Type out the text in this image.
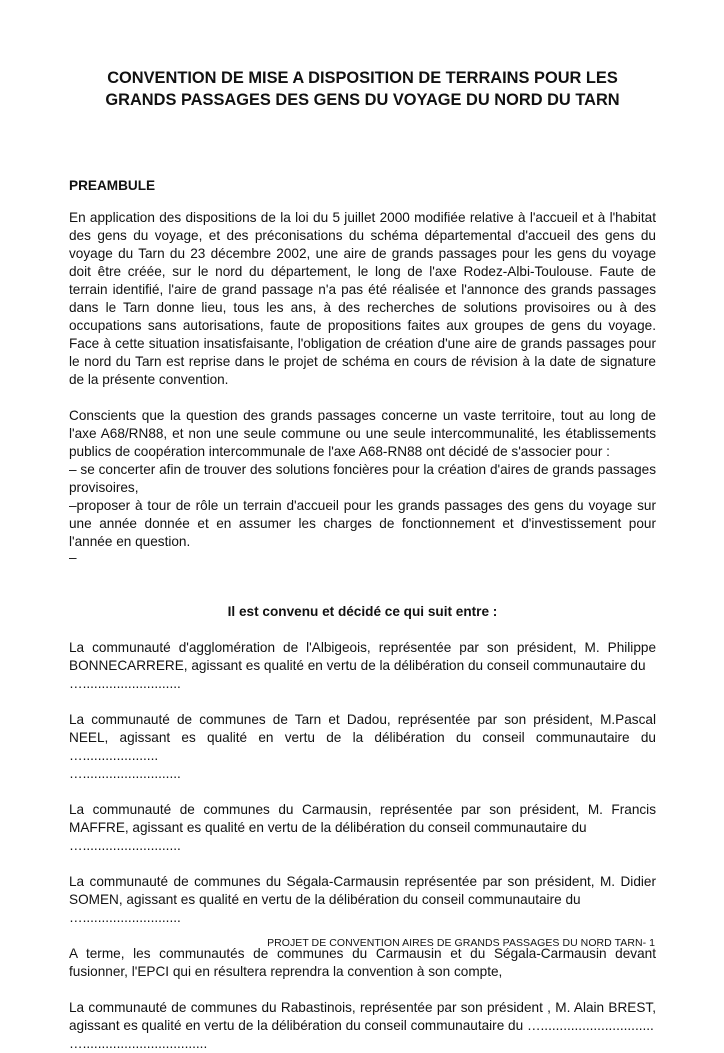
CONVENTION DE MISE A DISPOSITION DE TERRAINS POUR LES
GRANDS PASSAGES DES GENS DU VOYAGE DU NORD DU TARN

PREAMBULE

En application des dispositions de la loi du 5 juillet 2000 modifiée relative à l'accueil et à l'habitat des gens du voyage, et des préconisations du schéma départemental d'accueil des gens du voyage du Tarn du 23 décembre 2002, une aire de grands passages pour les gens du voyage doit être créée, sur le nord du département, le long de l'axe Rodez-Albi-Toulouse. Faute de terrain identifié, l'aire de grand passage n'a pas été réalisée et l'annonce des grands passages dans le Tarn donne lieu, tous les ans, à des recherches de solutions provisoires ou à des occupations sans autorisations, faute de propositions faites aux groupes de gens du voyage. Face à cette situation insatisfaisante, l'obligation de création d'une aire de grands passages pour le nord du Tarn est reprise dans le projet de schéma en cours de révision à la date de signature de la présente convention.

Conscients que la question des grands passages concerne un vaste territoire, tout au long de l'axe A68/RN88, et non une seule commune ou une seule intercommunalité, les établissements publics de coopération intercommunale de l'axe A68-RN88 ont décidé de s'associer pour :

– se concerter afin de trouver des solutions foncières pour la création d'aires de grands passages provisoires,

–proposer à tour de rôle un terrain d'accueil pour les grands passages des gens du voyage sur une année donnée et en assumer les charges de fonctionnement et d'investissement pour l'année en question.

–

Il est convenu et décidé ce qui suit entre :

La communauté d'agglomération de l'Albigeois, représentée par son président, M. Philippe BONNECARRERE, agissant es qualité en vertu de la délibération du conseil communautaire du
…..........................
La communauté de communes de Tarn et Dadou, représentée par son président, M.Pascal NEEL, agissant es qualité en vertu de la délibération du conseil communautaire du …....................
…..........................
La communauté de communes du Carmausin, représentée par son président, M. Francis MAFFRE, agissant es qualité en vertu de la délibération du conseil communautaire du
…..........................
La communauté de communes du Ségala-Carmausin représentée par son président, M. Didier SOMEN, agissant es qualité en vertu de la délibération du conseil communautaire du
…..........................

A terme, les communautés de communes du Carmausin et du Ségala-Carmausin devant fusionner, l'EPCI qui en résultera reprendra la convention à son compte,

La communauté de communes du Rabastinois, représentée par son président , M. Alain BREST, agissant es qualité en vertu de la délibération du conseil communautaire du …..............................
….................................
PROJET DE CONVENTION AIRES DE GRANDS PASSAGES DU NORD TARN- 1
